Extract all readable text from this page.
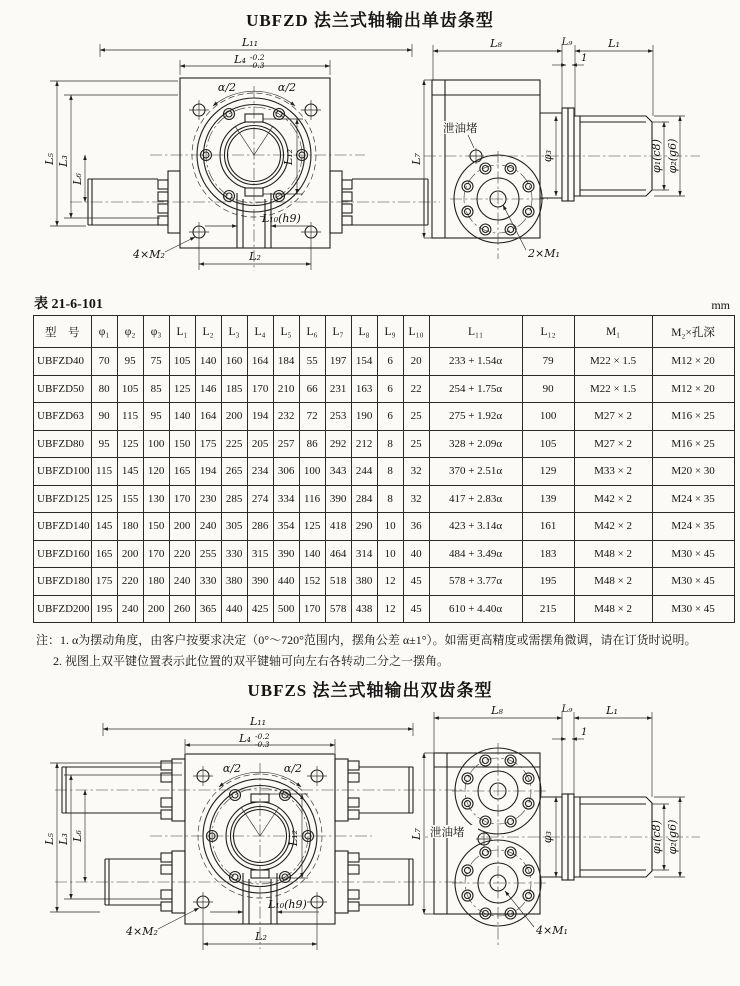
UBFZD 法兰式轴输出单齿条型
L₁₁
L₄ -0.2
-0.3
α/2	α/2
L₅ L₃
L₆
L₁₂
L₁₀(h9)
L₂
4×M₂
泄油堵
L₈	L₉	L₁
1
L₇	φ₃	φ₁(c8) φ₂(g6)
2×M₁
表 21-6-101	mm
型　号	φ₁	φ₂	φ₃	L₁	L₂	L₃	L₄	L₅	L₆	L₇	L₈	L₉	L₁₀	L₁₁	L₁₂	M₁	M₂×孔深
UBFZD40	70	95	75	105	140	160	164	184	55	197	154	6	20	233 + 1.54α	79	M22 × 1.5	M12 × 20
UBFZD50	80	105	85	125	146	185	170	210	66	231	163	6	22	254 + 1.75α	90	M22 × 1.5	M12 × 20
UBFZD63	90	115	95	140	164	200	194	232	72	253	190	6	25	275 + 1.92α	100	M27 × 2	M16 × 25
UBFZD80	95	125	100	150	175	225	205	257	86	292	212	8	25	328 + 2.09α	105	M27 × 2	M16 × 25
UBFZD100	115	145	120	165	194	265	234	306	100	343	244	8	32	370 + 2.51α	129	M33 × 2	M20 × 30
UBFZD125	125	155	130	170	230	285	274	334	116	390	284	8	32	417 + 2.83α	139	M42 × 2	M24 × 35
UBFZD140	145	180	150	200	240	305	286	354	125	418	290	10	36	423 + 3.14α	161	M42 × 2	M24 × 35
UBFZD160	165	200	170	220	255	330	315	390	140	464	314	10	40	484 + 3.49α	183	M48 × 2	M30 × 45
UBFZD180	175	220	180	240	330	380	390	440	152	518	380	12	45	578 + 3.77α	195	M48 × 2	M30 × 45
UBFZD200	195	240	200	260	365	440	425	500	170	578	438	12	45	610 + 4.40α	215	M48 × 2	M30 × 45
注：1. α为摆动角度，由客户按要求决定（0°～720°范围内，摆角公差 α±1°）。如需更高精度或需摆角微调，请在订货时说明。
2. 视图上双平键位置表示此位置的双平键轴可向左右各转动二分之一摆角。
UBFZS 法兰式轴输出双齿条型
L₁₁
L₄ -0.2
-0.3
α/2	α/2
L₅ L₃ L₆	L₁₂
L₁₀(h9)
L₂
4×M₂
泄油堵
L₈	L₉	L₁
1
L₇	φ₃	φ₁(c8) φ₂(g6)
4×M₁
